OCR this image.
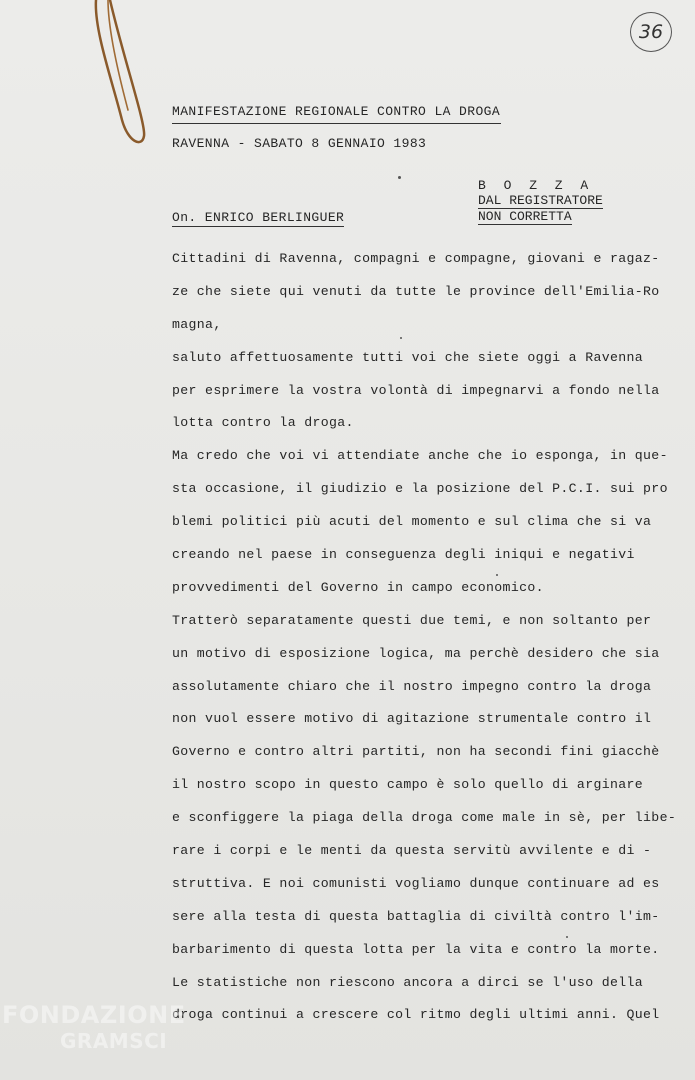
36
MANIFESTAZIONE REGIONALE CONTRO LA DROGA
RAVENNA - SABATO 8 GENNAIO 1983
B O Z Z A
DAL REGISTRATORE
NON CORRETTA
On. ENRICO BERLINGUER
Cittadini di Ravenna, compagni e compagne, giovani e ragaz-
ze che siete qui venuti da tutte le province dell'Emilia-Ro
magna,
saluto affettuosamente tutti voi che siete oggi a Ravenna
per esprimere la vostra volontà di impegnarvi a fondo nella
lotta contro la droga.
Ma credo che voi vi attendiate anche che io esponga, in que-
sta occasione, il giudizio e la posizione del P.C.I. sui pro
blemi politici più acuti del momento e sul clima che si va
creando nel paese in conseguenza degli iniqui e negativi
provvedimenti del Governo in campo economico.
Tratterò separatamente questi due temi, e non soltanto per
un motivo di esposizione logica, ma perchè desidero che sia
assolutamente chiaro che il nostro impegno contro la droga
non vuol essere motivo di agitazione strumentale contro il
Governo e contro altri partiti, non ha secondi fini giacchè
il nostro scopo in questo campo è solo quello di arginare
e sconfiggere la piaga della droga come male in sè, per libe-
rare i corpi e le menti da questa servitù avvilente e di -
struttiva. E noi comunisti vogliamo dunque continuare ad es
sere alla testa di questa battaglia di civiltà contro l'im-
barbarimento di questa lotta per la vita e contro la morte.
Le statistiche non riescono ancora a dirci se l'uso della
droga continui a crescere col ritmo degli ultimi anni. Quel
FONDAZIONE
GRAMSCI
